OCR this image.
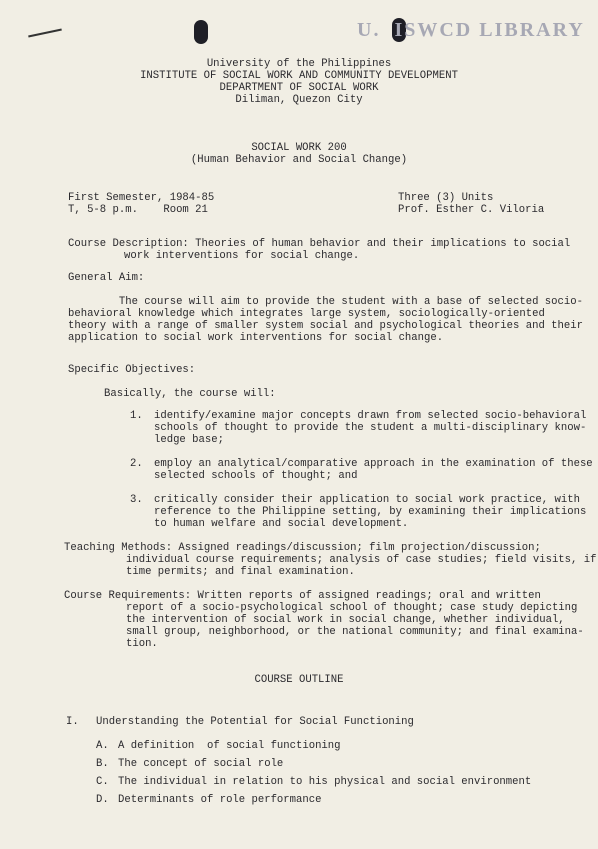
U.  ISWCD LIBRARY
University of the Philippines
INSTITUTE OF SOCIAL WORK AND COMMUNITY DEVELOPMENT
DEPARTMENT OF SOCIAL WORK
Diliman, Quezon City
SOCIAL WORK 200
(Human Behavior and Social Change)
First Semester, 1984-85
T, 5-8 p.m.    Room 21
Three (3) Units
Prof. Esther C. Viloria
Course Description: Theories of human behavior and their implications to social
work interventions for social change.
General Aim:
The course will aim to provide the student with a base of selected socio-
behavioral knowledge which integrates large system, sociologically-oriented
theory with a range of smaller system social and psychological theories and their
application to social work interventions for social change.
Specific Objectives:
Basically, the course will:
1. identify/examine major concepts drawn from selected socio-behavioral
schools of thought to provide the student a multi-disciplinary know-
ledge base;
2. employ an analytical/comparative approach in the examination of these
selected schools of thought; and
3. critically consider their application to social work practice, with
reference to the Philippine setting, by examining their implications
to human welfare and social development.
Teaching Methods: Assigned readings/discussion; film projection/discussion;
individual course requirements; analysis of case studies; field visits, if
time permits; and final examination.
Course Requirements: Written reports of assigned readings; oral and written
report of a socio-psychological school of thought; case study depicting
the intervention of social work in social change, whether individual,
small group, neighborhood, or the national community; and final examina-
tion.
COURSE OUTLINE
I. Understanding the Potential for Social Functioning
A. A definition  of social functioning
B. The concept of social role
C. The individual in relation to his physical and social environment
D. Determinants of role performance
